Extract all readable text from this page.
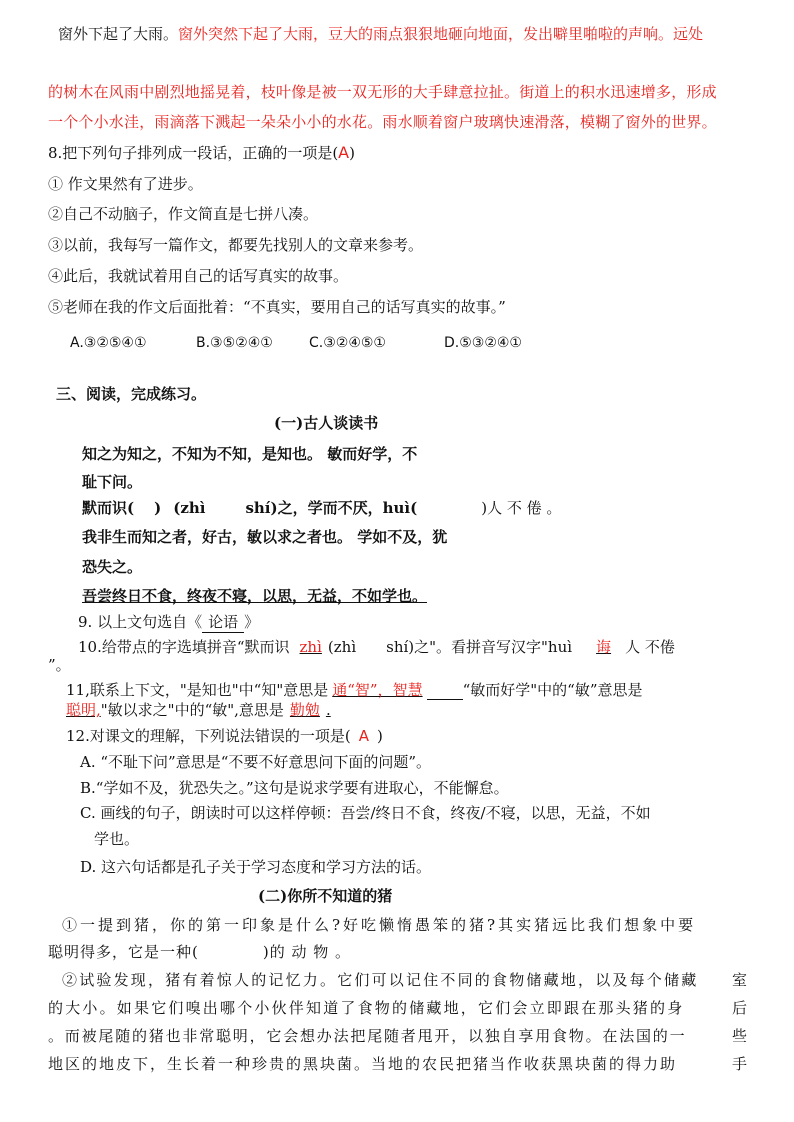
窗外下起了大雨。窗外突然下起了大雨，豆大的雨点狠狠地砸向地面，发出噼里啪啦的声响。远处
的树木在风雨中剧烈地摇晃着，枝叶像是被一双无形的大手肆意拉扯。街道上的积水迅速增多，形成
一个个小水洼，雨滴落下溅起一朵朵小小的水花。雨水顺着窗户玻璃快速滑落，模糊了窗外的世界。
8.把下列句子排列成一段话，正确的一项是(A)
① 作文果然有了进步。
②自己不动脑子，作文简直是七拼八凑。
③以前，我每写一篇作文，都要先找别人的文章来参考。
④此后，我就试着用自己的话写真实的故事。
⑤老师在我的作文后面批着：“不真实，要用自己的话写真实的故事。”
A.③②⑤④①	B.③⑤②④①	C.③②④⑤①	D.⑤③②④①
三、阅读，完成练习。
(一)古人谈读书
知之为知之，不知为不知，是知也。 敏而好学，不
耻下问。
默而识( ) (zhì	shí)之，学而不厌，huì(	)人 不 倦 。
我非生而知之者，好古，敏以求之者也。 学如不及，犹
恐失之。
吾尝终日不食，终夜不寝，以思，无益，不如学也。
9. 以上文句选自《 论语 》
10.给带点的字选填拼音“默而识 zhì (zhì　　shí)之"。看拼音写汉字"huì 诲 人 不倦
”。
11,联系上下文，"是知也"中“知"意思是 通“智”，智慧	“敏而好学"中的“敏”意思是
聪明,"敏以求之"中的“敏",意思是 勤勉 .
12.对课文的理解，下列说法错误的一项是( A )
A. “不耻下问”意思是“不要不好意思问下面的问题”。
B.“学如不及，犹恐失之。”这句是说求学要有进取心，不能懈怠。
C. 画线的句子，朗读时可以这样停顿：吾尝/终日不食，终夜/不寝，以思，无益，不如
学也。
D. 这六句话都是孔子关于学习态度和学习方法的话。
(二)你所不知道的猪
①一提到猪，你的第一印象是什么?好吃懒惰愚笨的猪?其实猪远比我们想象中要
聪明得多，它是一种(　　　　)的 动 物 。
②试验发现，猪有着惊人的记忆力。它们可以记住不同的食物储藏地，以及每个储藏 室
的大小。如果它们嗅出哪个小伙伴知道了食物的储藏地，它们会立即跟在那头猪的身	后
。而被尾随的猪也非常聪明，它会想办法把尾随者甩开，以独自享用食物。在法国的一	些
地区的地皮下，生长着一种珍贵的黑块菌。当地的农民把猪当作收获黑块菌的得力助	手
